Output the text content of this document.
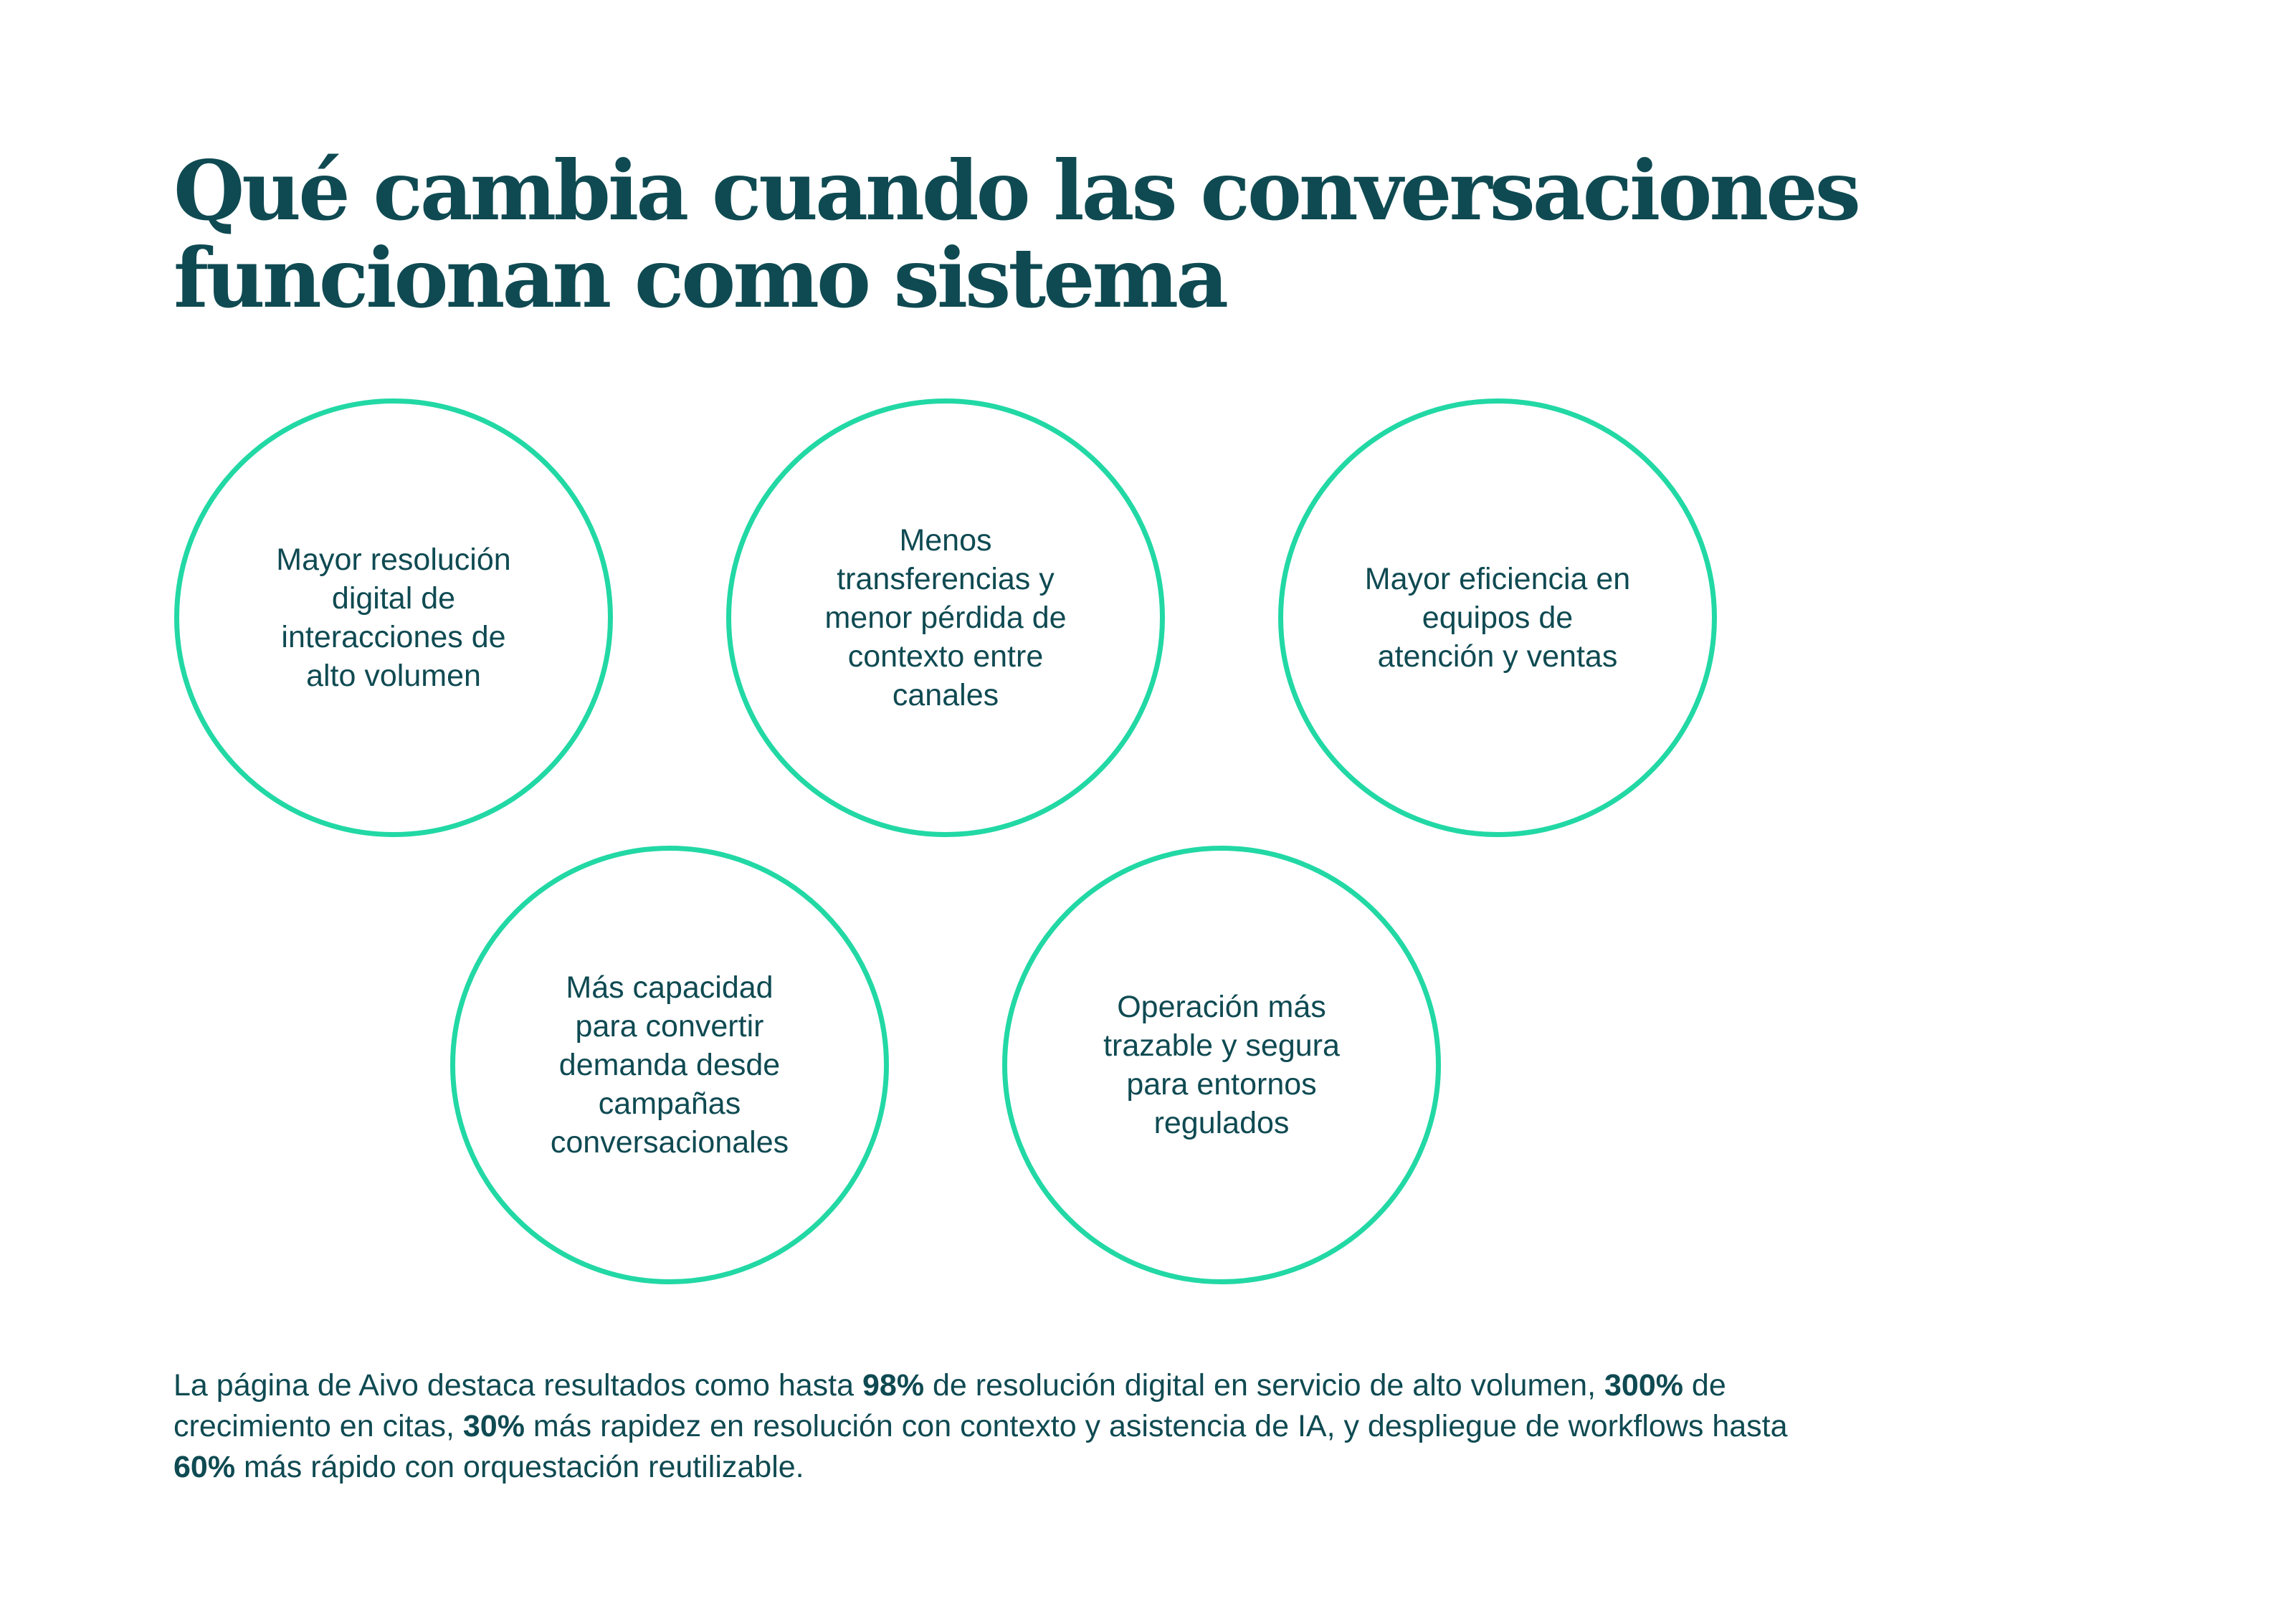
Qué cambia cuando las conversaciones
funcionan como sistema
Mayor resolución digital de interacciones de alto volumen
Menos transferencias y menor pérdida de contexto entre canales
Mayor eficiencia en equipos de atención y ventas
Más capacidad para convertir demanda desde campañas conversacionales
Operación más trazable y segura para entornos regulados

La página de Aivo destaca resultados como hasta 98% de resolución digital en servicio de alto volumen, 300% de crecimiento en citas, 30% más rapidez en resolución con contexto y asistencia de IA, y despliegue de workflows hasta 60% más rápido con orquestación reutilizable.
